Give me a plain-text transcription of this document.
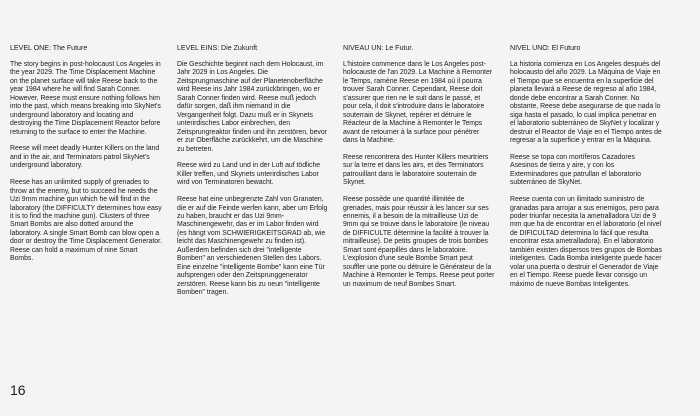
LEVEL ONE: The Future

The story begins in post-holocaust Los Angeles in the year 2029. The Time Displacement Machine on the planet surface will take Reese back to the year 1984 where he will find Sarah Conner. However, Reese must ensure nothing follows him into the past, which means breaking into SkyNet's underground laboratory and locating and destroying the Time Displacement Reactor before returning to the surface to enter the Machine.

Reese will meet deadly Hunter Killers on the land and in the air, and Terminators patrol SkyNet's underground laboratory.

Reese has an unlimited supply of grenades to throw at the enemy, but to succeed he needs the Uzi 9mm machine gun which he will find in the laboratory (the DIFFICULTY determines how easy it is to find the machine gun). Clusters of three Smart Bombs are also dotted around the laboratory. A single Smart Bomb can blow open a door or destroy the Time Displacement Generator. Reese can hold a maximum of nine Smart Bombs.

LEVEL EINS: Die Zukunft

Die Geschichte beginnt nach dem Holocaust, im Jahr 2029 in Los Angeles. Die Zeitsprungmaschine auf der Planetenoberfläche wird Reese ins Jahr 1984 zurückbringen, wo er Sarah Conner finden wird. Reese muß jedoch dafür sorgen, daß ihm niemand in die Vergangenheit folgt. Dazu muß er in Skynets unterirdisches Labor einbrechen, den Zeitsprungreaktor finden und ihn zerstören, bevor er zur Oberfläche zurückkehrt, um die Maschine zu betreten.

Reese wird zu Land und in der Luft auf tödliche Killer treffen, und Skynets unterirdisches Labor wird von Terminatoren bewacht.

Reese hat eine unbegrenzte Zahl von Granaten, die er auf die Feinde werfen kann, aber um Erfolg zu haben, braucht er das Uzi 9mm-Maschinengewehr, das er im Labor finden wird (es hängt vom SCHWIERIGKEITSGRAD ab, wie leicht das Maschinengewehr zu finden ist). Außerdem befinden sich drei "intelligente Bomben" an verschiedenen Stellen des Labors. Eine einzelne "intelligente Bombe" kann eine Tür aufsprengen oder den Zeitsprunggenerator zerstören. Reese kann bis zu neun "intelligente Bomben" tragen.

NIVEAU UN: Le Futur.

L'histoire commence dans le Los Angeles post-holocauste de l'an 2029. La Machine à Remonter le Temps, ramène Reese en 1984 où il pourra trouver Sarah Conner. Cependant, Reese doit s'assurer que rien ne le suit dans le passé, et pour cela, il doit s'introduire dans le laboratoire souterrain de Skynet, repérer et détruire le Réacteur de la Machine à Remonter le Temps avant de retourner à la surface pour pénétrer dans la Machine.

Reese rencontrera des Hunter Killers meurtriers sur la terre et dans les airs, et des Terminators patrouillant dans le laboratoire souterrain de Skynet.

Reese possède une quantité illimitée de grenades, mais pour réussir à les lancer sur ses ennemis, il a besoin de la mitrailleuse Uzi de 9mm qui se trouve dans le laboratoire (le niveau de DIFFICULTE détermine la facilité à trouver la mitrailleuse). De petits groupes de trois bombes Smart sont éparpillés dans le laboratoire. L'explosion d'une seule Bombe Smart peut souffler une porte ou détruire le Générateur de la Machine à Remonter le Temps. Reese peut porter un maximum de neuf Bombes Smart.

NIVEL UNO: El Futuro

La historia comienza en Los Angeles después del holocausto del año 2029. La Máquina de Viaje en el Tiempo que se encuentra en la superficie del planeta llevará a Reese de regreso al año 1984, donde debe encontrar a Sarah Conner. No obstante, Reese debe asegurarse de que nada lo siga hasta el pasado, lo cual implica penetrar en el laboratorio subterráneo de SkyNet y localizar y destruir el Reactor de Viaje en el Tiempo antes de regresar a la superficie y entrar en la Máquina.

Reese se topa con mortíferos Cazadores Asesinos de tierra y aire, y con los Exterminadores que patrullan el laboratorio subterráneo de SkyNet.

Reese cuenta con un ilimitado suministro de granadas para arrojar a sus enemigos, pero para poder triunfar necesita la ametralladora Uzi de 9 mm que ha de encontrar en el laboratorio (el nivel de DIFICULTAD determina lo fácil que resulta encontrar esta ametralladora). En el laboratorio también existen dispersos tres grupos de Bombas inteligentes. Cada Bomba inteligente puede hacer volar una puerta o destruir el Generador de Viaje en el Tiempo. Reese puede llevar consigo un máximo de nueve Bombas Inteligentes.

16
